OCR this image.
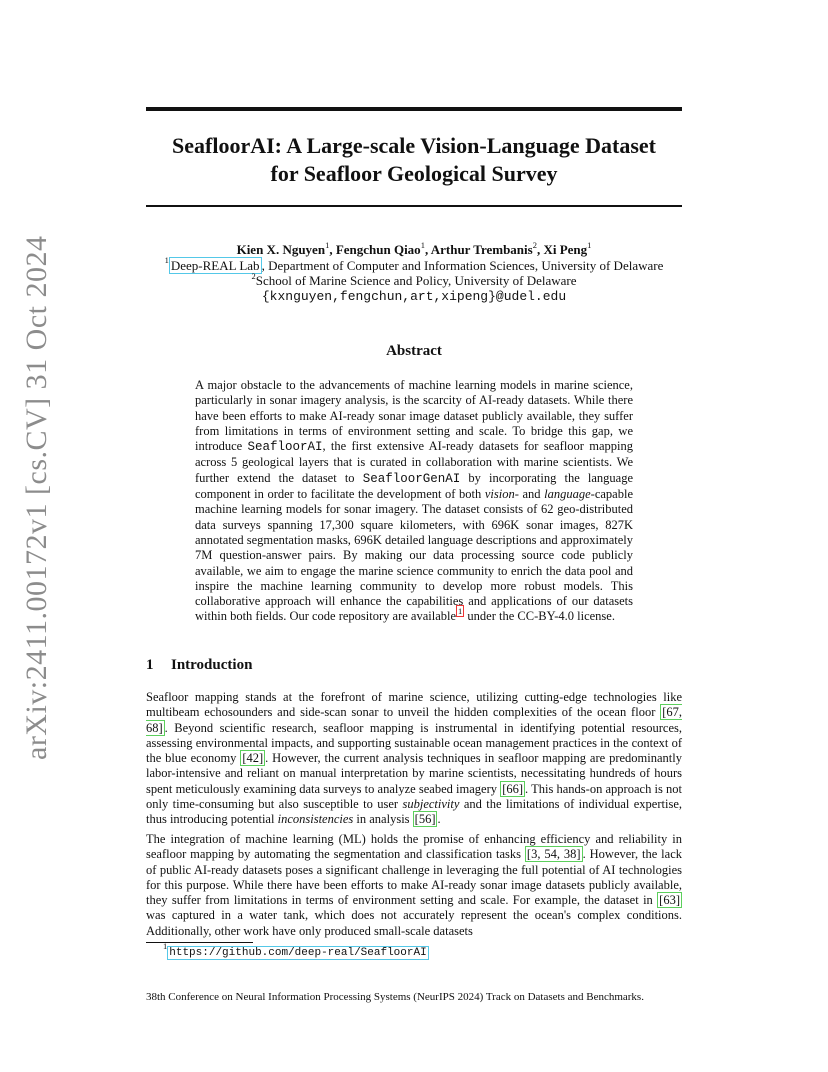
arXiv:2411.00172v1 [cs.CV] 31 Oct 2024
SeafloorAI: A Large-scale Vision-Language Dataset
for Seafloor Geological Survey
Kien X. Nguyen$^1$, Fengchun Qiao$^1$, Arthur Trembanis$^2$, Xi Peng$^1$
$^1$ Deep-REAL Lab , Department of Computer and Information Sciences, University of Delaware
$^2$School of Marine Science and Policy, University of Delaware
{kxnguyen,fengchun,art,xipeng}@udel.edu
Abstract
A major obstacle to the advancements of machine learning models in marine science, particularly in sonar imagery analysis, is the scarcity of AI-ready datasets. While there have been efforts to make AI-ready sonar image dataset publicly available, they suffer from limitations in terms of environment setting and scale. To bridge this gap, we introduce SeafloorAI, the first extensive AI-ready datasets for seafloor mapping across 5 geological layers that is curated in collaboration with marine scientists. We further extend the dataset to SeafloorGenAI by incorporating the language component in order to facilitate the development of both vision- and language-capable machine learning models for sonar imagery. The dataset consists of 62 geo-distributed data surveys spanning 17,300 square kilometers, with 696K sonar images, 827K annotated segmentation masks, 696K detailed language descriptions and approximately 7M question-answer pairs. By making our data processing source code publicly available, we aim to engage the marine science community to enrich the data pool and inspire the machine learning community to develop more robust models. This collaborative approach will enhance the capabilities and applications of our datasets within both fields. Our code repository are available $^1$ under the CC-BY-4.0 license.
1 Introduction
Seafloor mapping stands at the forefront of marine science, utilizing cutting-edge technologies like multibeam echosounders and side-scan sonar to unveil the hidden complexities of the ocean floor [67, 68] . Beyond scientific research, seafloor mapping is instrumental in identifying potential resources, assessing environmental impacts, and supporting sustainable ocean management practices in the context of the blue economy [42] . However, the current analysis techniques in seafloor mapping are predominantly labor-intensive and reliant on manual interpretation by marine scientists, necessitating hundreds of hours spent meticulously examining data surveys to analyze seabed imagery [66] . This hands-on approach is not only time-consuming but also susceptible to user subjectivity and the limitations of individual expertise, thus introducing potential inconsistencies in analysis [56] .
The integration of machine learning (ML) holds the promise of enhancing efficiency and reliability in seafloor mapping by automating the segmentation and classification tasks [3, 54, 38] . However, the lack of public AI-ready datasets poses a significant challenge in leveraging the full potential of AI technologies for this purpose. While there have been efforts to make AI-ready sonar image datasets publicly available, they suffer from limitations in terms of environment setting and scale. For example, the dataset in [63] was captured in a water tank, which does not accurately represent the ocean's complex conditions. Additionally, other work have only produced small-scale datasets
$^1$https://github.com/deep-real/SeafloorAI
38th Conference on Neural Information Processing Systems (NeurIPS 2024) Track on Datasets and Benchmarks.
